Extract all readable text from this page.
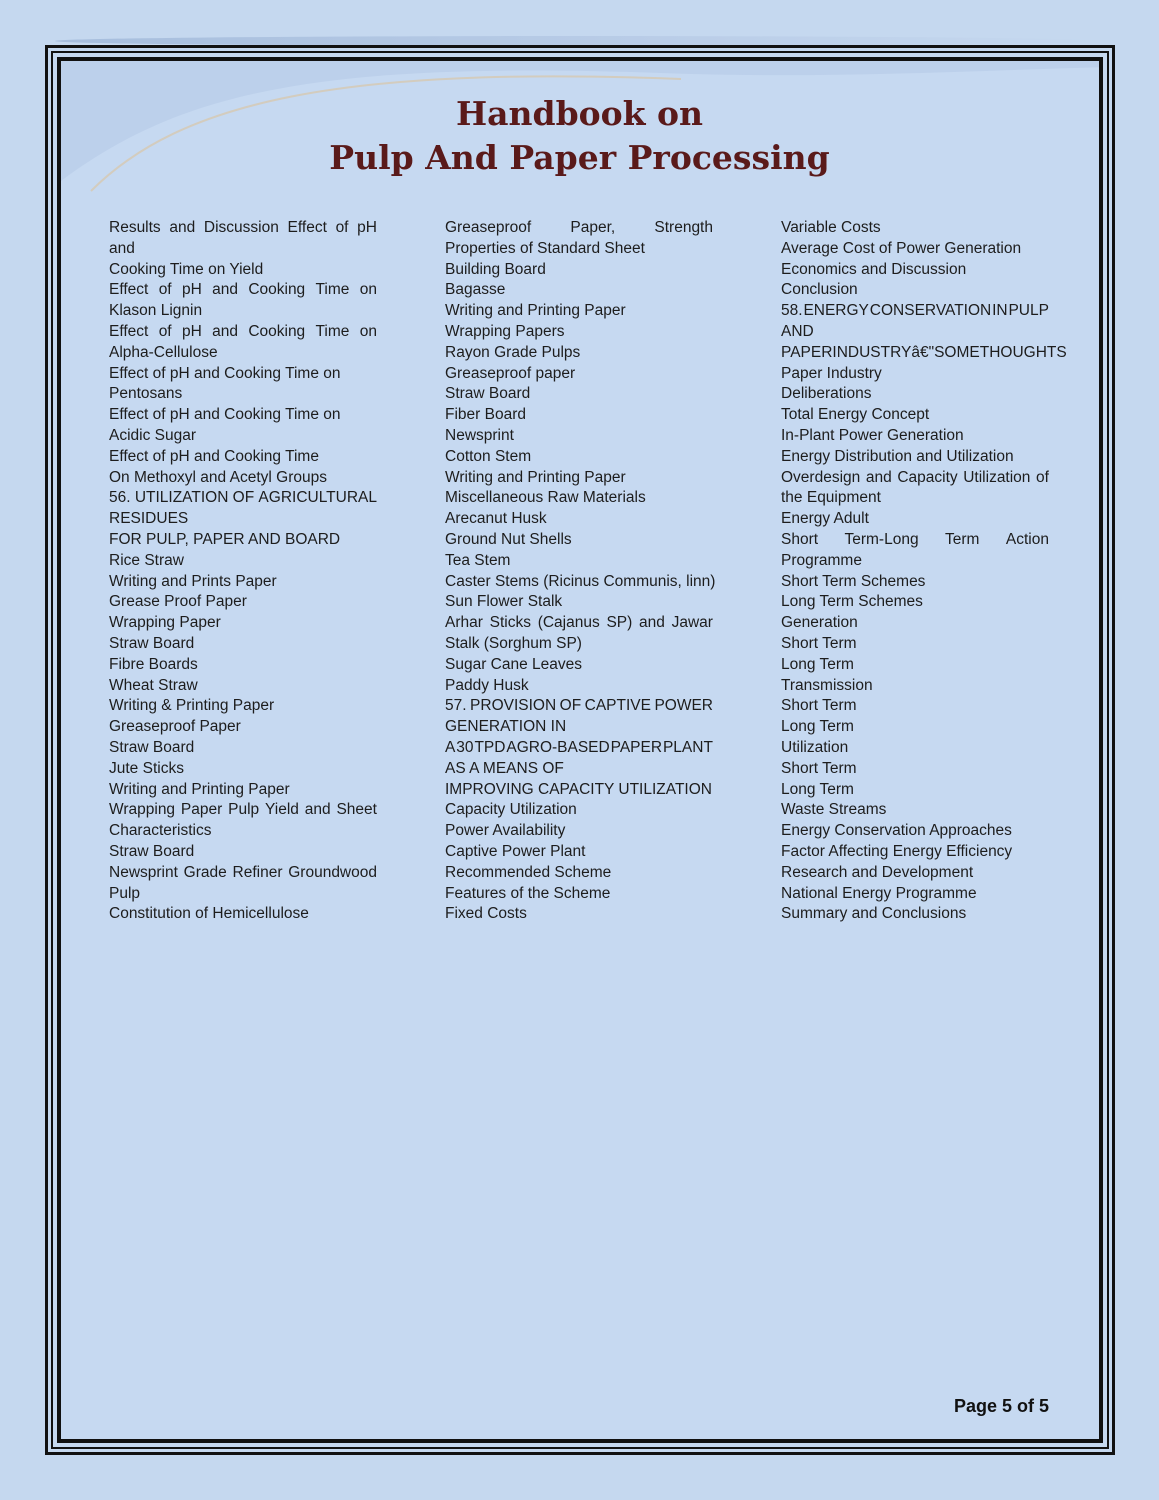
Handbook on
Pulp And Paper Processing
Results and Discussion Effect of pH
and
Cooking Time on Yield
Effect of pH and Cooking Time on
Klason Lignin
Effect of pH and Cooking Time on
Alpha-Cellulose
Effect of pH and Cooking Time on
Pentosans
Effect of pH and Cooking Time on
Acidic Sugar
Effect of pH and Cooking Time
On Methoxyl and Acetyl Groups
56. UTILIZATION OF AGRICULTURAL
RESIDUES
FOR PULP, PAPER AND BOARD
Rice Straw
Writing and Prints Paper
Grease Proof Paper
Wrapping Paper
Straw Board
Fibre Boards
Wheat Straw
Writing & Printing Paper
Greaseproof Paper
Straw Board
Jute Sticks
Writing and Printing Paper
Wrapping Paper Pulp Yield and Sheet
Characteristics
Straw Board
Newsprint Grade Refiner Groundwood
Pulp
Constitution of Hemicellulose
Greaseproof	Paper,	Strength
Properties of Standard Sheet
Building Board
Bagasse
Writing and Printing Paper
Wrapping Papers
Rayon Grade Pulps
Greaseproof paper
Straw Board
Fiber Board
Newsprint
Cotton Stem
Writing and Printing Paper
Miscellaneous Raw Materials
Arecanut Husk
Ground Nut Shells
Tea Stem
Caster Stems (Ricinus Communis, linn)
Sun Flower Stalk
Arhar Sticks (Cajanus SP) and Jawar
Stalk (Sorghum SP)
Sugar Cane Leaves
Paddy Husk
57. PROVISION OF CAPTIVE POWER
GENERATION IN
A 30 TPD AGRO-BASED PAPER PLANT
AS A MEANS OF
IMPROVING CAPACITY UTILIZATION
Capacity Utilization
Power Availability
Captive Power Plant
Recommended Scheme
Features of the Scheme
Fixed Costs
Variable Costs
Average Cost of Power Generation
Economics and Discussion
Conclusion
58. ENERGY CONSERVATION IN PULP
AND
PAPER INDUSTRYâ€"SOME THOUGHTS
Paper Industry
Deliberations
Total Energy Concept
In-Plant Power Generation
Energy Distribution and Utilization
Overdesign and Capacity Utilization of
the Equipment
Energy Adult
Short Term-Long Term Action
Programme
Short Term Schemes
Long Term Schemes
Generation
Short Term
Long Term
Transmission
Short Term
Long Term
Utilization
Short Term
Long Term
Waste Streams
Energy Conservation Approaches
Factor Affecting Energy Efficiency
Research and Development
National Energy Programme
Summary and Conclusions
Page 5 of 5
